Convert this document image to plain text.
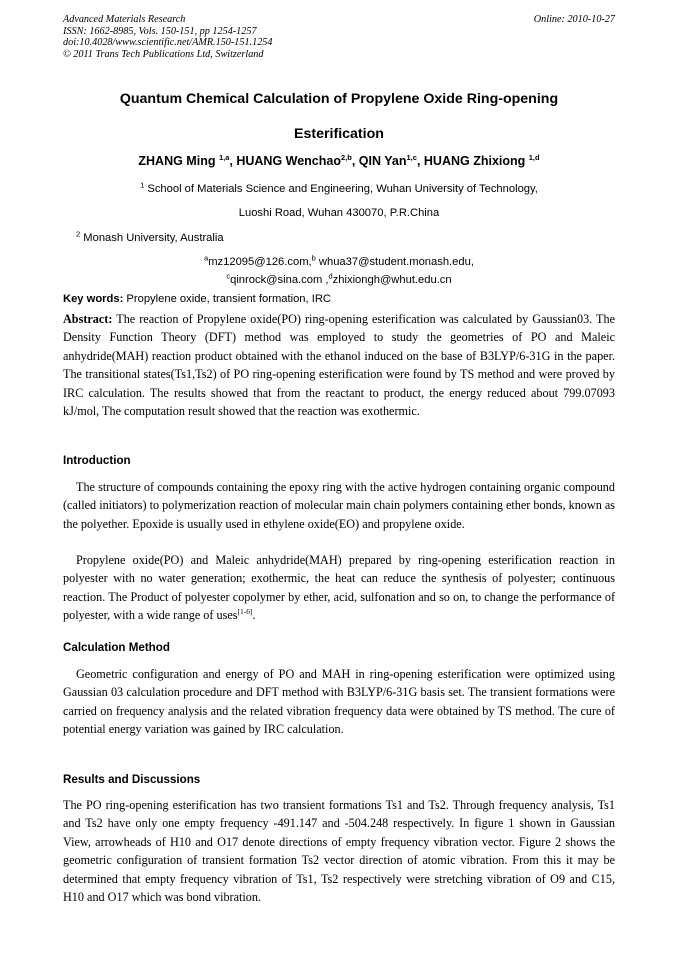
Advanced Materials Research
ISSN: 1662-8985, Vols. 150-151, pp 1254-1257
doi:10.4028/www.scientific.net/AMR.150-151.1254
© 2011 Trans Tech Publications Ltd, Switzerland
Online: 2010-10-27
Quantum Chemical Calculation of Propylene Oxide Ring-opening
Esterification
ZHANG Ming $^{1,a}$, HUANG Wenchao$^{2,b}$, QIN Yan$^{1,c}$, HUANG Zhixiong $^{1,d}$
$^1$ School of Materials Science and Engineering, Wuhan University of Technology,
Luoshi Road, Wuhan 430070, P.R.China
$^2$ Monash University, Australia
$^a$mz12095@126.com,$^b$ whua37@student.monash.edu,
$^c$qinrock@sina.com ,$^d$zhixiongh@whut.edu.cn
Key words: Propylene oxide, transient formation, IRC
Abstract: The reaction of Propylene oxide(PO) ring-opening esterification was calculated by Gaussian03. The Density Function Theory (DFT) method was employed to study the geometries of PO and Maleic anhydride(MAH) reaction product obtained with the ethanol induced on the base of B3LYP/6-31G in the paper. The transitional states(Ts1,Ts2) of PO ring-opening esterification were found by TS method and were proved by IRC calculation. The results showed that from the reactant to product, the energy reduced about 799.07093 kJ/mol, The computation result showed that the reaction was exothermic.
Introduction
The structure of compounds containing the epoxy ring with the active hydrogen containing organic compound (called initiators) to polymerization reaction of molecular main chain polymers containing ether bonds, known as the polyether. Epoxide is usually used in ethylene oxide(EO) and propylene oxide.
Propylene oxide(PO) and Maleic anhydride(MAH) prepared by ring-opening esterification reaction in polyester with no water generation; exothermic, the heat can reduce the synthesis of polyester; continuous reaction. The Product of polyester copolymer by ether, acid, sulfonation and so on, to change the performance of polyester, with a wide range of uses[1-6].
Calculation Method
Geometric configuration and energy of PO and MAH in ring-opening esterification were optimized using Gaussian 03 calculation procedure and DFT method with B3LYP/6-31G basis set. The transient formations were carried on frequency analysis and the related vibration frequency data were obtained by TS method. The cure of potential energy variation was gained by IRC calculation.
Results and Discussions
The PO ring-opening esterification has two transient formations Ts1 and Ts2. Through frequency analysis, Ts1 and Ts2 have only one empty frequency -491.147 and -504.248 respectively. In figure 1 shown in Gaussian View, arrowheads of H10 and O17 denote directions of empty frequency vibration vector. Figure 2 shows the geometric configuration of transient formation Ts2 vector direction of atomic vibration. From this it may be determined that empty frequency vibration of Ts1, Ts2 respectively were stretching vibration of O9 and C15, H10 and O17 which was bond vibration.
